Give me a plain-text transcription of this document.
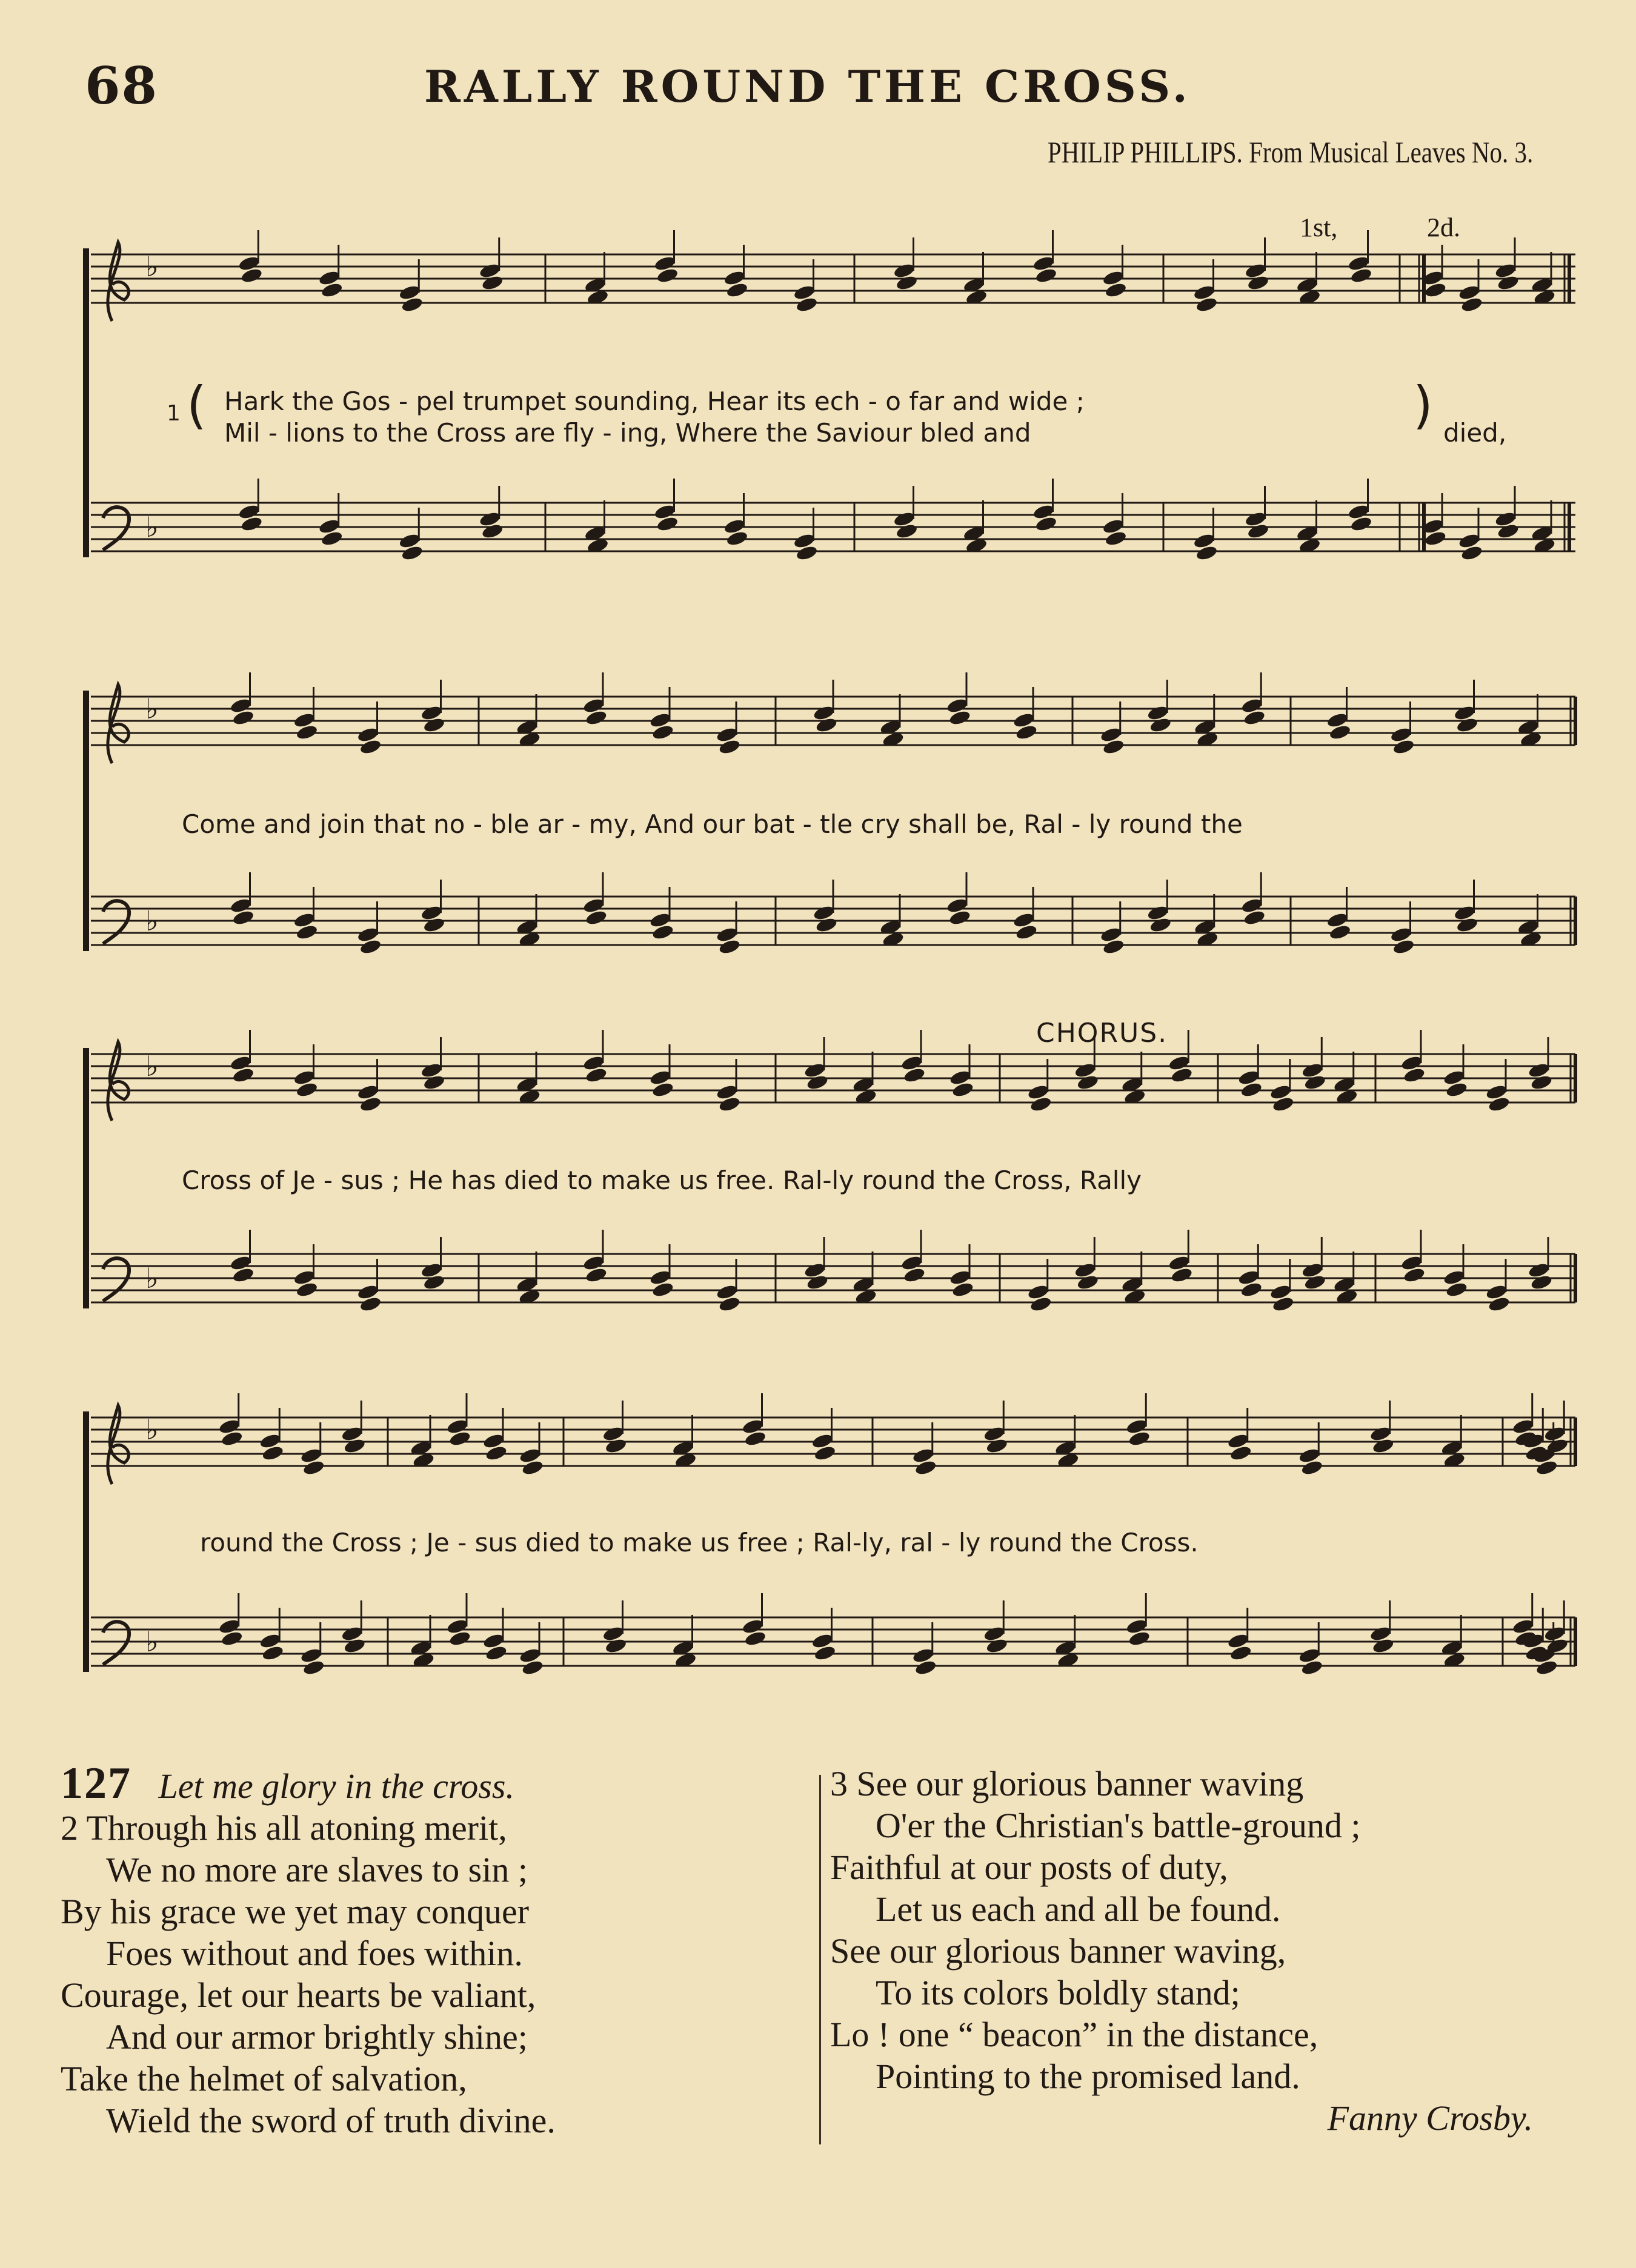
68	RALLY ROUND THE CROSS.
PHILIP PHILLIPS. From Musical Leaves No. 3.
1st,	2d.
♭
♭
1 ( Hark the Gos - pel trumpet sounding, Hear its ech - o far and wide ;
Mil - lions to the Cross are fly - ing, Where the Saviour bled and	) died,
♭
♭
Come and join that no - ble ar - my, And our bat - tle cry shall be, Ral - ly round the
♭
♭
CHORUS.
Cross of Je - sus ; He has died to make us free. Ral-ly round the Cross, Rally
♭
♭
round the Cross ; Je - sus died to make us free ; Ral-ly, ral - ly round the Cross.
127 Let me glory in the cross.
2 Through his all atoning merit,
We no more are slaves to sin ;
By his grace we yet may conquer
Foes without and foes within.
Courage, let our hearts be valiant,
And our armor brightly shine;
Take the helmet of salvation,
Wield the sword of truth divine.
3 See our glorious banner waving
O'er the Christian's battle-ground ;
Faithful at our posts of duty,
Let us each and all be found.
See our glorious banner waving,
To its colors boldly stand;
Lo ! one “ beacon” in the distance,
Pointing to the promised land.
Fanny Crosby.
